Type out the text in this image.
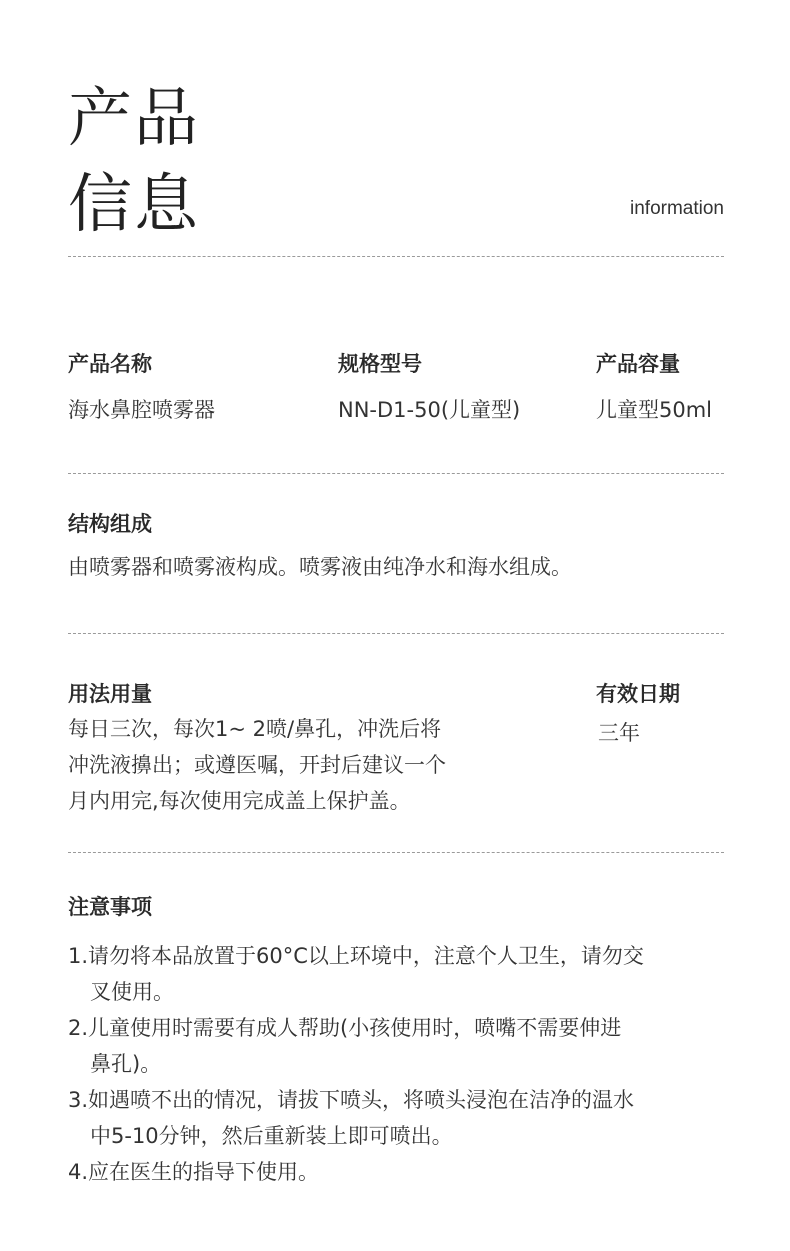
产品
信息	information
产品名称
海水鼻腔喷雾器
规格型号
NN-D1-50(儿童型)
产品容量
儿童型50ml
结构组成
由喷雾器和喷雾液构成。喷雾液由纯净水和海水组成。
用法用量
每日三次，每次1~ 2喷/鼻孔，冲洗后将
冲洗液擤出；或遵医嘱，开封后建议一个
月内用完,每次使用完成盖上保护盖。
有效日期
三年
注意事项
1.请勿将本品放置于60°C以上环境中，注意个人卫生，请勿交
叉使用。
2.儿童使用时需要有成人帮助(小孩使用时，喷嘴不需要伸进
鼻孔)。
3.如遇喷不出的情况，请拔下喷头，将喷头浸泡在洁净的温水
中5-10分钟，然后重新装上即可喷出。
4.应在医生的指导下使用。
